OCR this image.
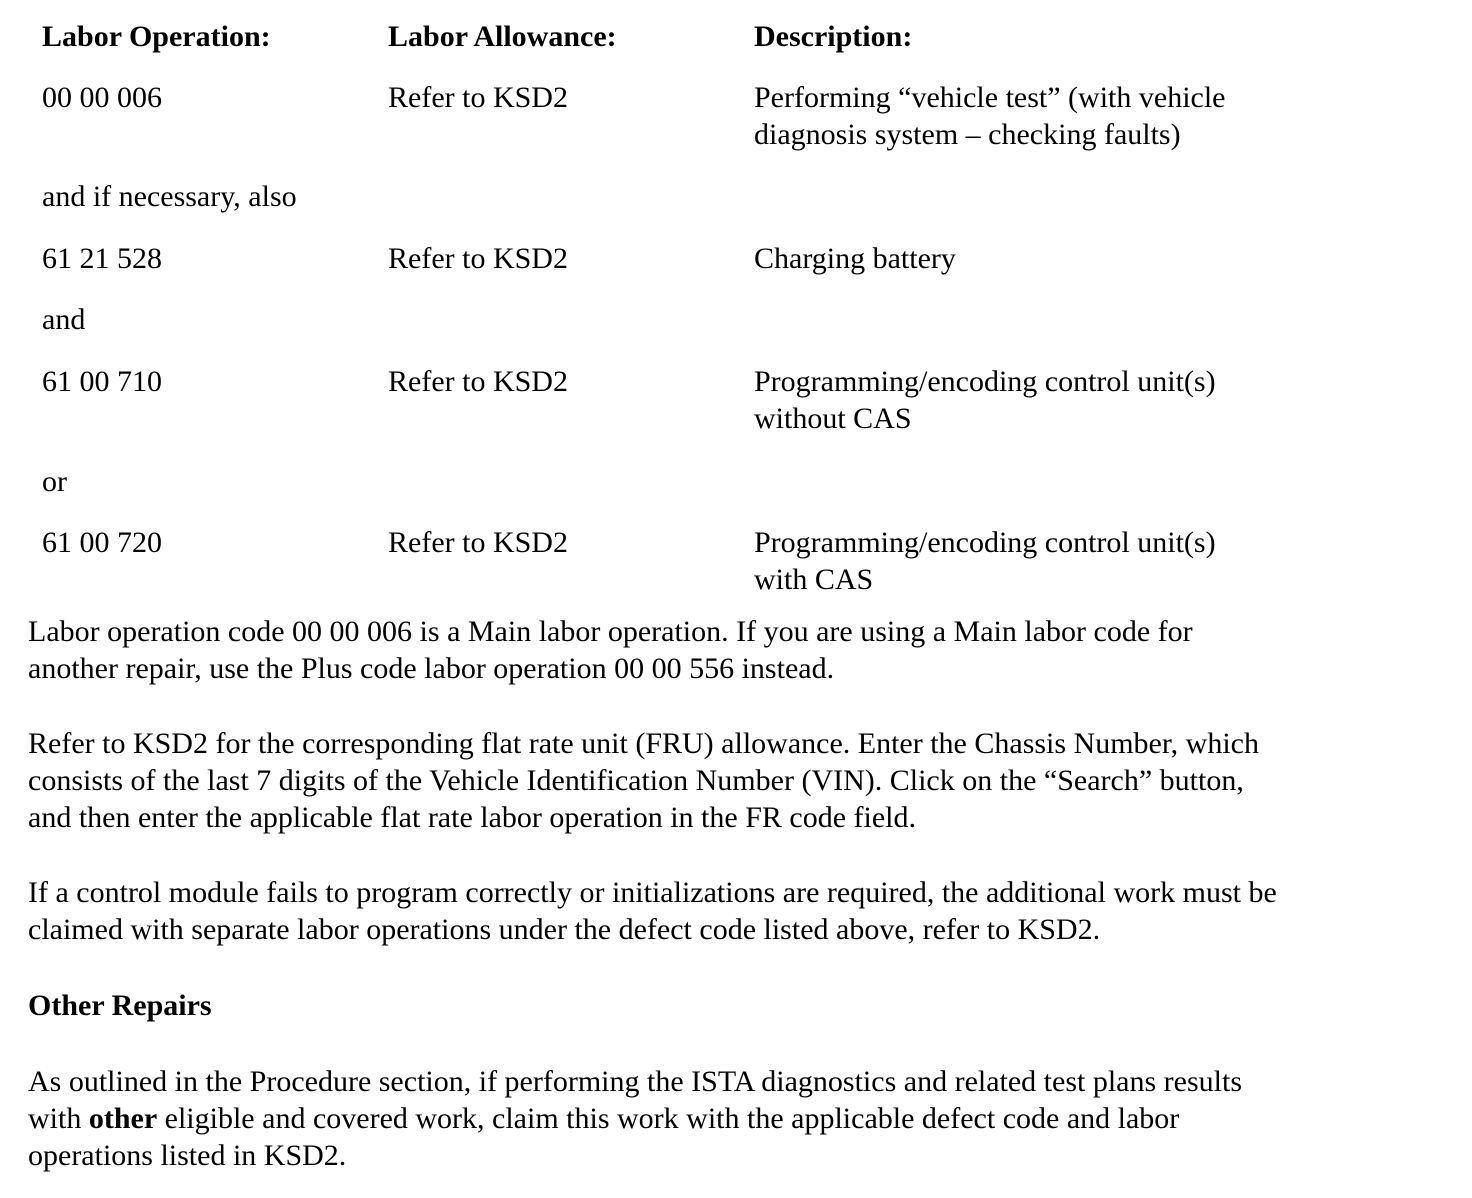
Labor Operation:	Labor Allowance:	Description:
00 00 006	Refer to KSD2	Performing “vehicle test” (with vehicle
diagnosis system – checking faults)
and if necessary, also
61 21 528	Refer to KSD2	Charging battery
and
61 00 710	Refer to KSD2	Programming/encoding control unit(s)
without CAS
or
61 00 720	Refer to KSD2	Programming/encoding control unit(s)
with CAS
Labor operation code 00 00 006 is a Main labor operation. If you are using a Main labor code for
another repair, use the Plus code labor operation 00 00 556 instead.
Refer to KSD2 for the corresponding flat rate unit (FRU) allowance. Enter the Chassis Number, which
consists of the last 7 digits of the Vehicle Identification Number (VIN). Click on the “Search” button,
and then enter the applicable flat rate labor operation in the FR code field.
If a control module fails to program correctly or initializations are required, the additional work must be
claimed with separate labor operations under the defect code listed above, refer to KSD2.
Other Repairs
As outlined in the Procedure section, if performing the ISTA diagnostics and related test plans results
with other eligible and covered work, claim this work with the applicable defect code and labor
operations listed in KSD2.
